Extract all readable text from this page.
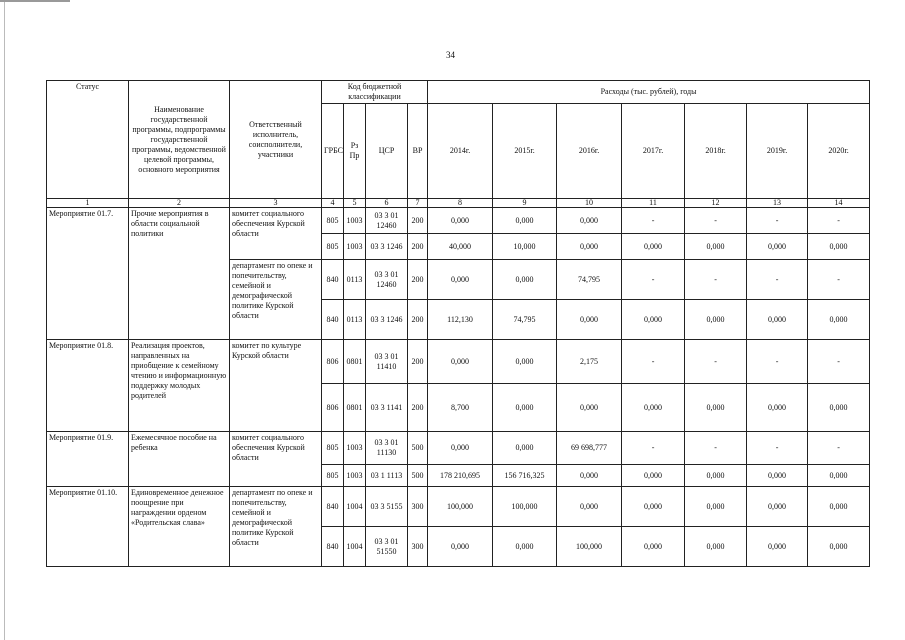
34
Статус	Наименование государственной программы, подпрограммы государственной программы, ведомственной целевой программы, основного мероприятия	Ответственный исполнитель, соисполнители, участники	Код бюджетной классификации				Расходы (тыс. рублей), годы						
			ГРБС	Рз Пр	ЦСР	ВР	2014г.	2015г.	2016г.	2017г.	2018г.	2019г.	2020г.
1	2	3	4	5	6	7	8	9	10	11	12	13	14
Мероприятие 01.7.	Прочие мероприятия в области социальной политики	комитет социального обеспечения Курской области	805	1003	03 3 01 12460	200	0,000	0,000	0,000	-	-	-	-
			805	1003	03 3 1246	200	40,000	10,000	0,000	0,000	0,000	0,000	0,000
		департамент по опеке и попечительству, семейной и демографической политике Курской области	840	0113	03 3 01 12460	200	0,000	0,000	74,795	-	-	-	-
			840	0113	03 3 1246	200	112,130	74,795	0,000	0,000	0,000	0,000	0,000
Мероприятие 01.8.	Реализация проектов, направленных на приобщение к семейному чтению и информационную поддержку молодых родителей	комитет по культуре Курской области	806	0801	03 3 01 11410	200	0,000	0,000	2,175	-	-	-	-
			806	0801	03 3 1141	200	8,700	0,000	0,000	0,000	0,000	0,000	0,000
Мероприятие 01.9.	Ежемесячное пособие на ребенка	комитет социального обеспечения Курской области	805	1003	03 3 01 11130	500	0,000	0,000	69 698,777	-	-	-	-
			805	1003	03 1 1113	500	178 210,695	156 716,325	0,000	0,000	0,000	0,000	0,000
Мероприятие 01.10.	Единовременное денежное поощрение при награждении орденом «Родительская слава»	департамент по опеке и попечительству, семейной и демографической политике Курской области	840	1004	03 3 5155	300	100,000	100,000	0,000	0,000	0,000	0,000	0,000
			840	1004	03 3 01 51550	300	0,000	0,000	100,000	0,000	0,000	0,000	0,000
